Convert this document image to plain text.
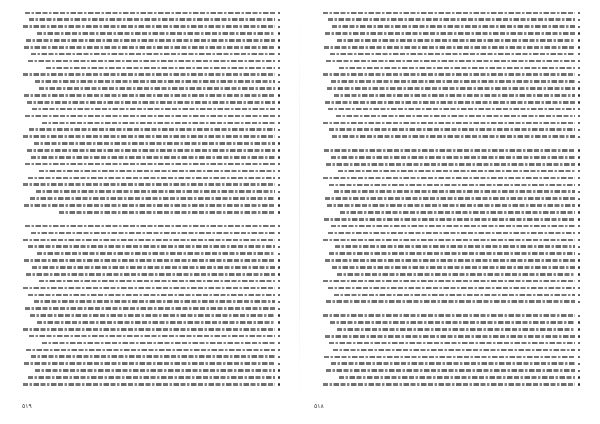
٥١٩	٥١٨
